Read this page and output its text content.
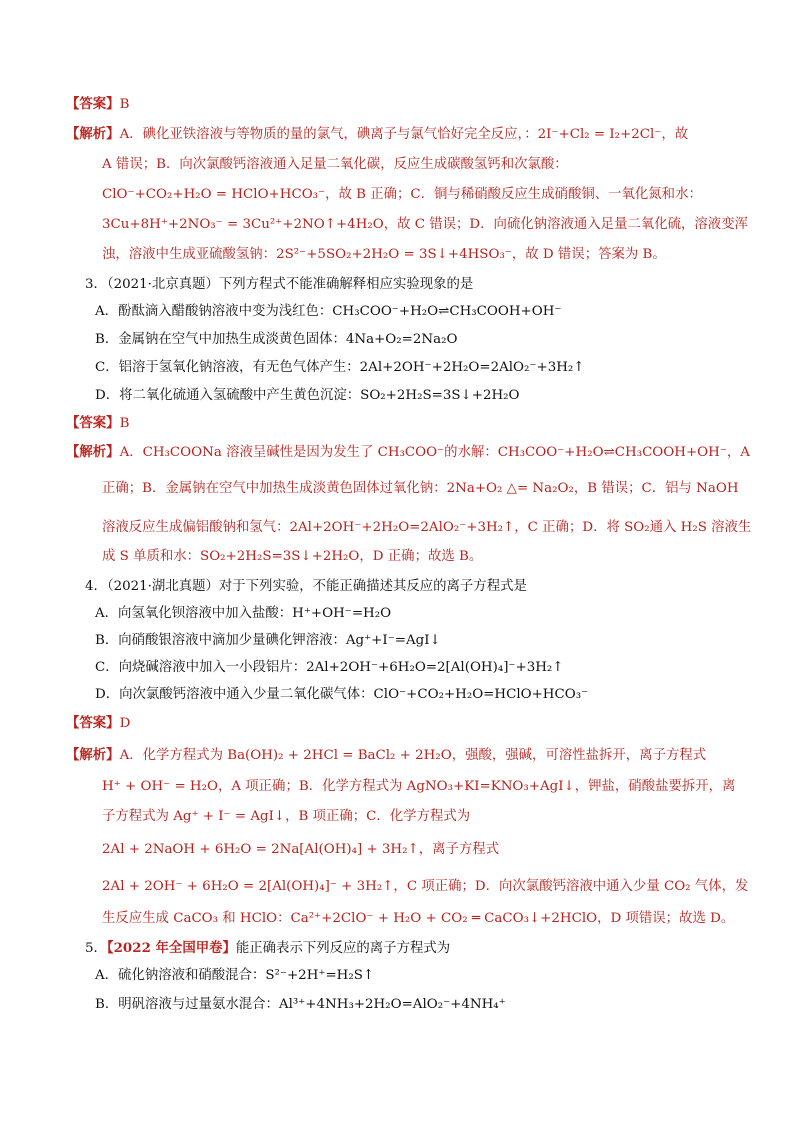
【答案】B
【解析】A．碘化亚铁溶液与等物质的量的氯气，碘离子与氯气恰好完全反应，：2I⁻+Cl₂ = I₂+2Cl⁻，故
A 错误；B．向次氯酸钙溶液通入足量二氧化碳，反应生成碳酸氢钙和次氯酸：
ClO⁻+CO₂+H₂O = HClO+HCO₃⁻，故 B 正确；C．铜与稀硝酸反应生成硝酸铜、一氧化氮和水：
3Cu+8H⁺+2NO₃⁻ = 3Cu²⁺+2NO↑+4H₂O，故 C 错误；D．向硫化钠溶液通入足量二氧化硫，溶液变浑
浊，溶液中生成亚硫酸氢钠：2S²⁻+5SO₂+2H₂O = 3S↓+4HSO₃⁻，故 D 错误；答案为 B。
3．（2021·北京真题）下列方程式不能准确解释相应实验现象的是
A．酚酞滴入醋酸钠溶液中变为浅红色：CH₃COO⁻+H₂O⇌CH₃COOH+OH⁻
B．金属钠在空气中加热生成淡黄色固体：4Na+O₂=2Na₂O
C．铝溶于氢氧化钠溶液，有无色气体产生：2Al+2OH⁻+2H₂O=2AlO₂⁻+3H₂↑
D．将二氧化硫通入氢硫酸中产生黄色沉淀：SO₂+2H₂S=3S↓+2H₂O
【答案】B
【解析】A．CH₃COONa 溶液呈碱性是因为发生了 CH₃COO⁻的水解：CH₃COO⁻+H₂O⇌CH₃COOH+OH⁻，A
正确；B．金属钠在空气中加热生成淡黄色固体过氧化钠：2Na+O₂ △= Na₂O₂，B 错误；C．铝与 NaOH
溶液反应生成偏铝酸钠和氢气：2Al+2OH⁻+2H₂O=2AlO₂⁻+3H₂↑，C 正确；D．将 SO₂通入 H₂S 溶液生
成 S 单质和水：SO₂+2H₂S=3S↓+2H₂O，D 正确；故选 B。
4．（2021·湖北真题）对于下列实验，不能正确描述其反应的离子方程式是
A．向氢氧化钡溶液中加入盐酸：H⁺+OH⁻=H₂O
B．向硝酸银溶液中滴加少量碘化钾溶液：Ag⁺+I⁻=AgI↓
C．向烧碱溶液中加入一小段铝片：2Al+2OH⁻+6H₂O=2[Al(OH)₄]⁻+3H₂↑
D．向次氯酸钙溶液中通入少量二氧化碳气体：ClO⁻+CO₂+H₂O=HClO+HCO₃⁻
【答案】D
【解析】A．化学方程式为 Ba(OH)₂ + 2HCl = BaCl₂ + 2H₂O，强酸，强碱，可溶性盐拆开，离子方程式
H⁺ + OH⁻ = H₂O，A 项正确；B．化学方程式为 AgNO₃+KI=KNO₃+AgI↓，钾盐，硝酸盐要拆开，离
子方程式为 Ag⁺ + I⁻ = AgI↓，B 项正确；C．化学方程式为
2Al + 2NaOH + 6H₂O = 2Na[Al(OH)₄] + 3H₂↑，离子方程式
2Al + 2OH⁻ + 6H₂O = 2[Al(OH)₄]⁻ + 3H₂↑，C 项正确；D．向次氯酸钙溶液中通入少量 CO₂ 气体，发
生反应生成 CaCO₃ 和 HClO：Ca²⁺+2ClO⁻ + H₂O + CO₂ ═ CaCO₃↓+2HClO，D 项错误；故选 D。
5．【2022 年全国甲卷】能正确表示下列反应的离子方程式为
A．硫化钠溶液和硝酸混合：S²⁻+2H⁺=H₂S↑
B．明矾溶液与过量氨水混合：Al³⁺+4NH₃+2H₂O=AlO₂⁻+4NH₄⁺
